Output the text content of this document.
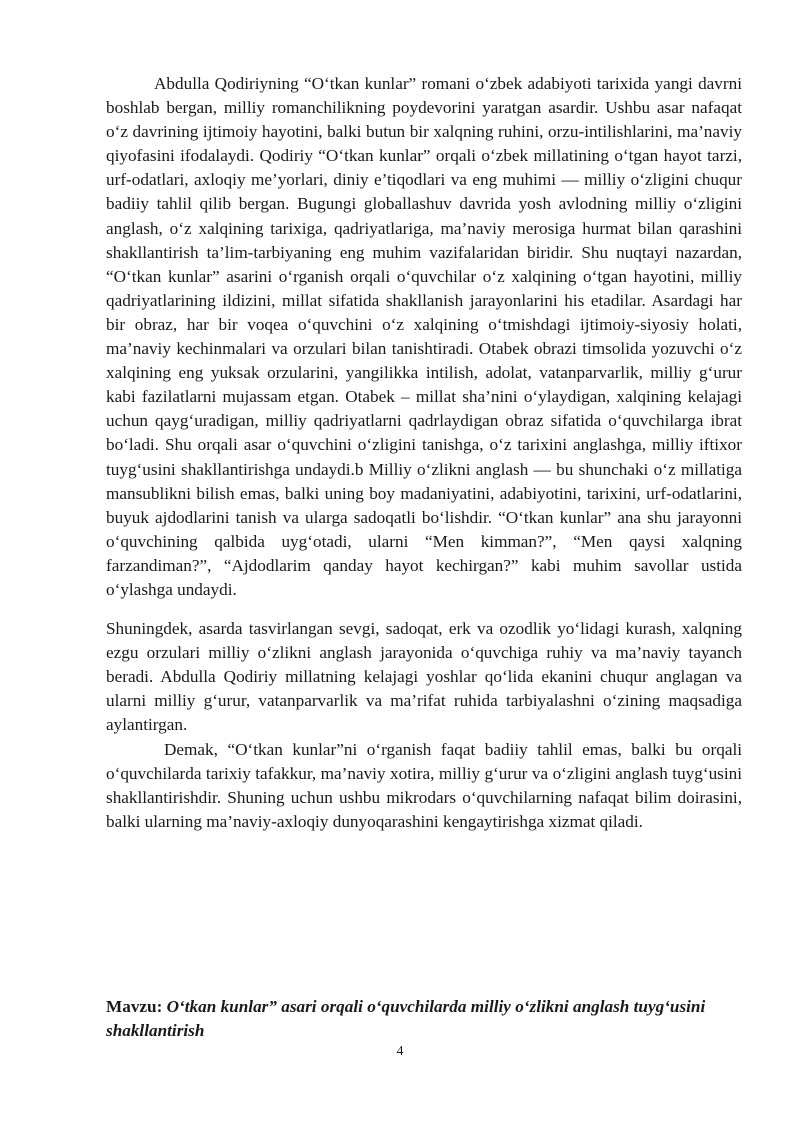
Abdulla Qodiriyning “O‘tkan kunlar” romani o‘zbek adabiyoti tarixida yangi davrni boshlab bergan, milliy romanchilikning poydevorini yaratgan asardir. Ushbu asar nafaqat o‘z davrining ijtimoiy hayotini, balki butun bir xalqning ruhini, orzu-intilishlarini, ma’naviy qiyofasini ifodalaydi. Qodiriy “O‘tkan kunlar” orqali o‘zbek millatining o‘tgan hayot tarzi, urf-odatlari, axloqiy me’yorlari, diniy e’tiqodlari va eng muhimi — milliy o‘zligini chuqur badiiy tahlil qilib bergan. Bugungi globallashuv davrida yosh avlodning milliy o‘zligini anglash, o‘z xalqining tarixiga, qadriyatlariga, ma’naviy merosiga hurmat bilan qarashini shakllantirish ta’lim-tarbiyaning eng muhim vazifalaridan biridir. Shu nuqtayi nazardan, “O‘tkan kunlar” asarini o‘rganish orqali o‘quvchilar o‘z xalqining o‘tgan hayotini, milliy qadriyatlarining ildizini, millat sifatida shakllanish jarayonlarini his etadilar. Asardagi har bir obraz, har bir voqea o‘quvchini o‘z xalqining o‘tmishdagi ijtimoiy-siyosiy holati, ma’naviy kechinmalari va orzulari bilan tanishtiradi. Otabek obrazi timsolida yozuvchi o‘z xalqining eng yuksak orzularini, yangilikka intilish, adolat, vatanparvarlik, milliy g‘urur kabi fazilatlarni mujassam etgan. Otabek – millat sha’nini o‘ylaydigan, xalqining kelajagi uchun qayg‘uradigan, milliy qadriyatlarni qadrlaydigan obraz sifatida o‘quvchilarga ibrat bo‘ladi. Shu orqali asar o‘quvchini o‘zligini tanishga, o‘z tarixini anglashga, milliy iftixor tuyg‘usini shakllantirishga undaydi.b Milliy o‘zlikni anglash — bu shunchaki o‘z millatiga mansublikni bilish emas, balki uning boy madaniyatini, adabiyotini, tarixini, urf-odatlarini, buyuk ajdodlarini tanish va ularga sadoqatli bo‘lishdir. “O‘tkan kunlar” ana shu jarayonni o‘quvchining qalbida uyg‘otadi, ularni “Men kimman?”, “Men qaysi xalqning farzandiman?”, “Ajdodlarim qanday hayot kechirgan?” kabi muhim savollar ustida o‘ylashga undaydi.

Shuningdek, asarda tasvirlangan sevgi, sadoqat, erk va ozodlik yo‘lidagi kurash, xalqning ezgu orzulari milliy o‘zlikni anglash jarayonida o‘quvchiga ruhiy va ma’naviy tayanch beradi. Abdulla Qodiriy millatning kelajagi yoshlar qo‘lida ekanini chuqur anglagan va ularni milliy g‘urur, vatanparvarlik va ma’rifat ruhida tarbiyalashni o‘zining maqsadiga aylantirgan.

Demak, “O‘tkan kunlar”ni o‘rganish faqat badiiy tahlil emas, balki bu orqali o‘quvchilarda tarixiy tafakkur, ma’naviy xotira, milliy g‘urur va o‘zligini anglash tuyg‘usini shakllantirishdir. Shuning uchun ushbu mikrodars o‘quvchilarning nafaqat bilim doirasini, balki ularning ma’naviy-axloqiy dunyoqarashini kengaytirishga xizmat qiladi.

Mavzu: O‘tkan kunlar” asari orqali o‘quvchilarda milliy o‘zlikni anglash tuyg‘usini shakllantirish
4
